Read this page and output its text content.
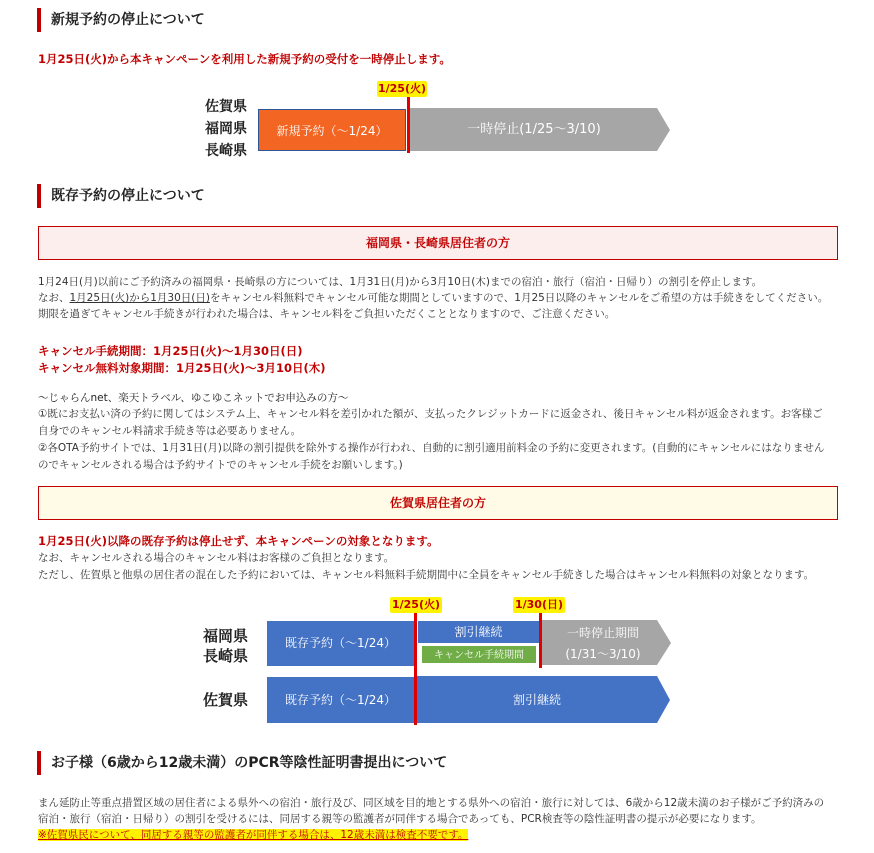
新規予約の停止について
1月25日(火)から本キャンペーンを利用した新規予約の受付を一時停止します。
佐賀県
福岡県
長崎県
新規予約（～1/24）	一時停止(1/25～3/10)
1/25(火)
既存予約の停止について
福岡県・長崎県居住者の方
1月24日(月)以前にご予約済みの福岡県・長崎県の方については、1月31日(月)から3月10日(木)までの宿泊・旅行（宿泊・日帰り）の割引を停止します。
なお、1月25日(火)から1月30日(日)をキャンセル料無料でキャンセル可能な期間としていますので、1月25日以降のキャンセルをご希望の方は手続きをしてください。
期限を過ぎてキャンセル手続きが行われた場合は、キャンセル料をご負担いただくこととなりますので、ご注意ください。
キャンセル手続期間：1月25日(火)～1月30日(日)
キャンセル無料対象期間：1月25日(火)～3月10日(木)
～じゃらんnet、楽天トラベル、ゆこゆこネットでお申込みの方～
①既にお支払い済の予約に関してはシステム上、キャンセル料を差引かれた額が、支払ったクレジットカードに返金され、後日キャンセル料が返金されます。お客様ご
自身でのキャンセル料請求手続き等は必要ありません。
②各OTA予約サイトでは、1月31日(月)以降の割引提供を除外する操作が行われ、自動的に割引適用前料金の予約に変更されます。(自動的にキャンセルにはなりません
のでキャンセルされる場合は予約サイトでのキャンセル手続をお願いします。)
佐賀県居住者の方
1月25日(火)以降の既存予約は停止せず、本キャンペーンの対象となります。
なお、キャンセルされる場合のキャンセル料はお客様のご負担となります。
ただし、佐賀県と他県の居住者の混在した予約においては、キャンセル料無料手続期間中に全員をキャンセル手続きした場合はキャンセル料無料の対象となります。
福岡県
長崎県
佐賀県
既存予約（～1/24）
割引継続
キャンセル手続期間
一時停止期間
(1/31～3/10)
既存予約（～1/24）	割引継続
1/25(火)	1/30(日)
お子様（6歳から12歳未満）のPCR等陰性証明書提出について
まん延防止等重点措置区域の居住者による県外への宿泊・旅行及び、同区域を目的地とする県外への宿泊・旅行に対しては、6歳から12歳未満のお子様がご予約済みの
宿泊・旅行（宿泊・日帰り）の割引を受けるには、同居する親等の監護者が同伴する場合であっても、PCR検査等の陰性証明書の提示が必要になります。
※佐賀県民について、同居する親等の監護者が同伴する場合は、12歳未満は検査不要です。
